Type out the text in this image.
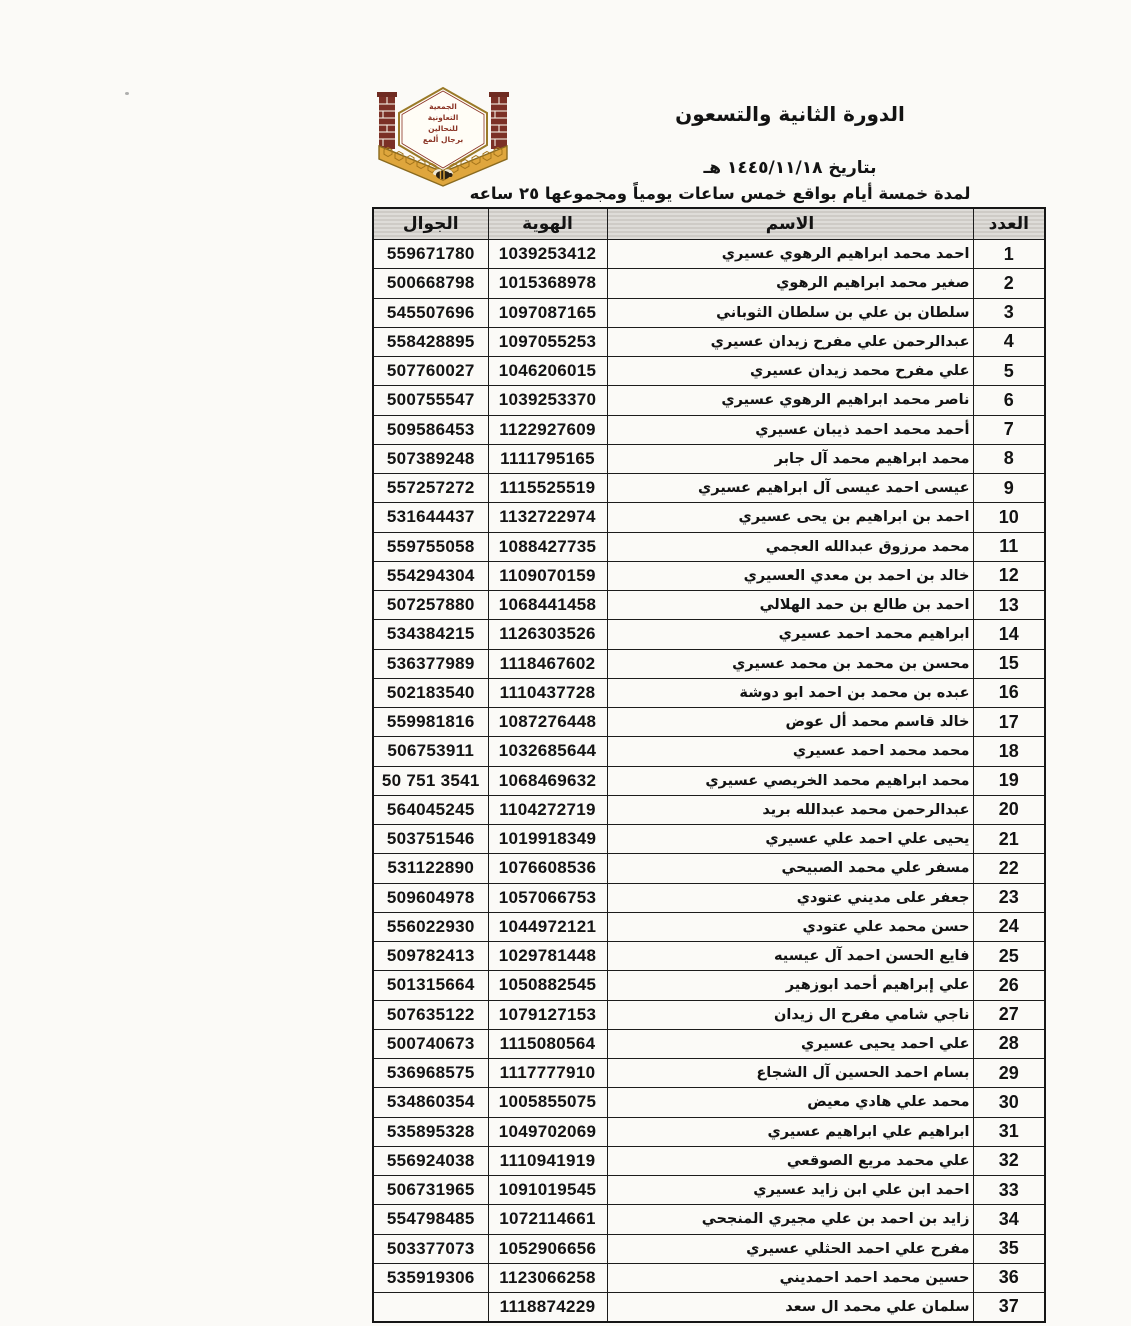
الجمعية
التعاونية
للنحالين
برجال ألمع
الدورة الثانية والتسعون
بتاريخ ١٤٤٥/١١/١٨ هـ
لمدة خمسة أيام بواقع خمس ساعات يومياً ومجموعها ٢٥ ساعه
العدد	الاسم	الهوية	الجوال
1	احمد محمد ابراهيم الرهوي عسيري	1039253412	559671780
2	صغير محمد ابراهيم الرهوي	1015368978	500668798
3	سلطان بن علي بن سلطان الثوباني	1097087165	545507696
4	عبدالرحمن علي مفرح زيدان عسيري	1097055253	558428895
5	علي مفرح محمد زيدان عسيري	1046206015	507760027
6	ناصر محمد ابراهيم الرهوي عسيري	1039253370	500755547
7	أحمد محمد احمد ذيبان عسيري	1122927609	509586453
8	محمد ابراهيم محمد آل جابر	1111795165	507389248
9	عيسى احمد عيسى آل ابراهيم عسيري	1115525519	557257272
10	احمد بن ابراهيم بن يحى عسيري	1132722974	531644437
11	محمد مرزوق عبدالله العجمي	1088427735	559755058
12	خالد بن احمد بن معدي العسيري	1109070159	554294304
13	احمد بن طالع بن حمد الهلالي	1068441458	507257880
14	ابراهيم محمد احمد عسيري	1126303526	534384215
15	محسن بن محمد بن محمد عسيري	1118467602	536377989
16	عبده بن محمد بن احمد ابو دوشة	1110437728	502183540
17	خالد قاسم محمد أل عوض	1087276448	559981816
18	محمد محمد احمد عسيري	1032685644	506753911
19	محمد ابراهيم محمد الخريصي عسيري	1068469632	50 751 3541
20	عبدالرحمن محمد عبدالله بريد	1104272719	564045245
21	يحيى علي احمد علي عسيري	1019918349	503751546
22	مسفر علي محمد الصبيحي	1076608536	531122890
23	جعفر على مديني عتودي	1057066753	509604978
24	حسن محمد علي عتودي	1044972121	556022930
25	فايع الحسن احمد آل عيسيه	1029781448	509782413
26	علي إبراهيم أحمد ابوزهير	1050882545	501315664
27	ناجي شامي مفرح ال زيدان	1079127153	507635122
28	علي احمد يحيى عسيري	1115080564	500740673
29	بسام احمد الحسين آل الشجاع	1117777910	536968575
30	محمد علي هادي معيض	1005855075	534860354
31	ابراهيم علي ابراهيم عسيري	1049702069	535895328
32	علي محمد مريع الصوقعي	1110941919	556924038
33	احمد ابن علي ابن زايد عسيري	1091019545	506731965
34	زايد بن احمد بن علي مجيري المنجحي	1072114661	554798485
35	مفرح علي احمد الحثلي عسيري	1052906656	503377073
36	حسين محمد احمد احمديني	1123066258	535919306
37	سلمان علي محمد ال سعد	1118874229	
